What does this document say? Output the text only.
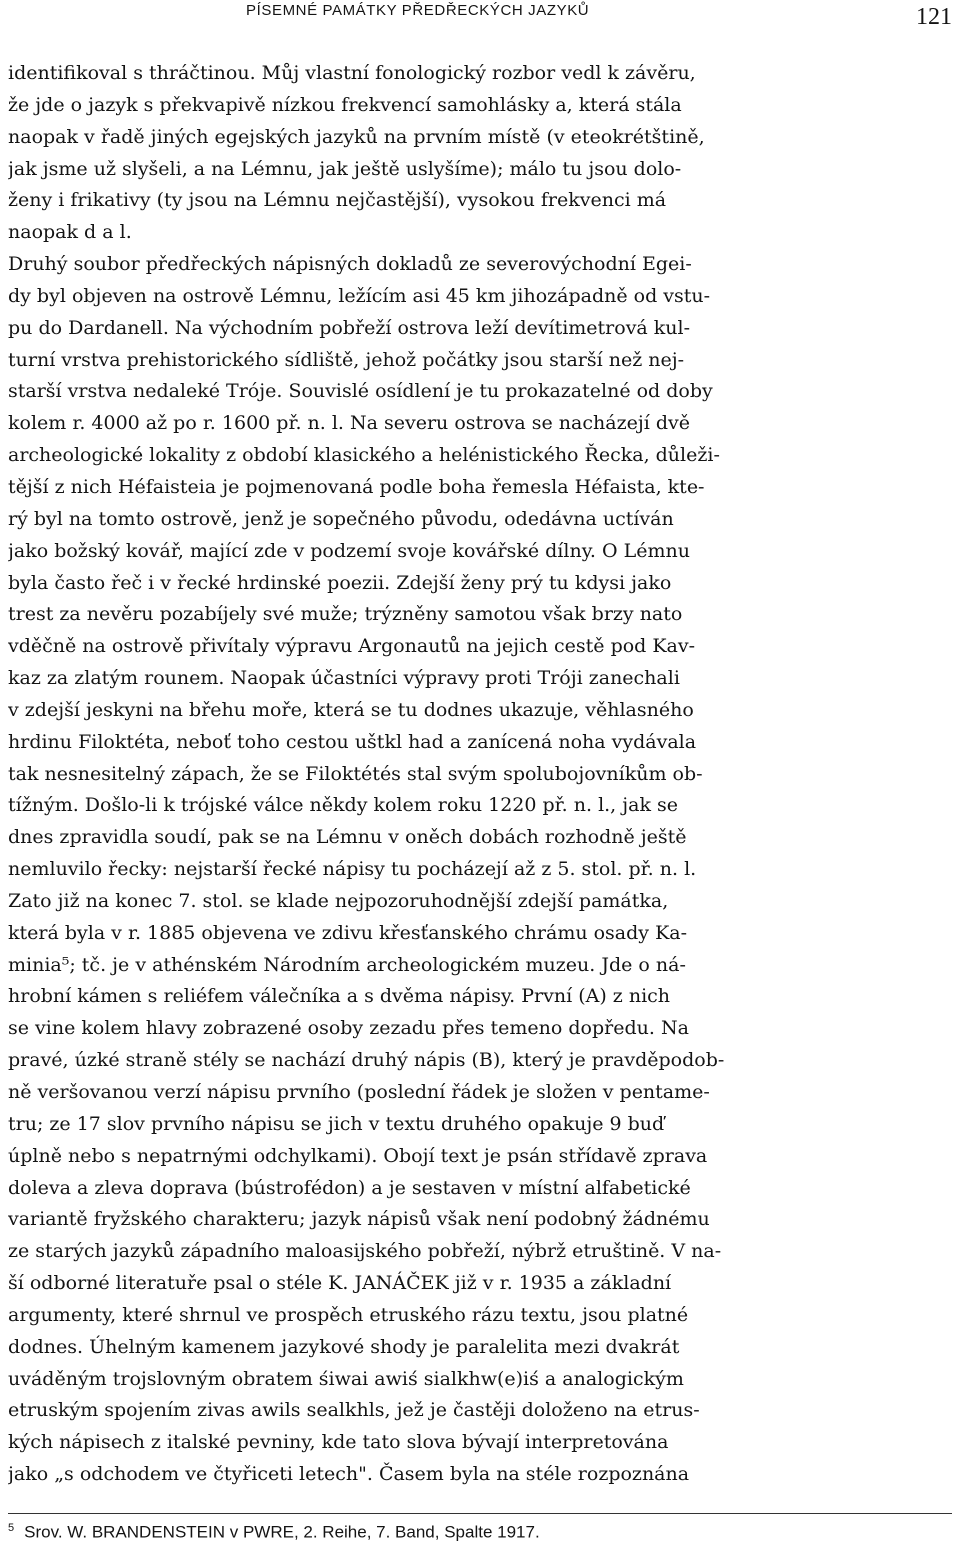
PÍSEMNÉ PAMÁTKY PŘEDŘECKÝCH JAZYKŮ	121
identifikoval s thráčtinou. Můj vlastní fonologický rozbor vedl k závěru,
že jde o jazyk s překvapivě nízkou frekvencí samohlásky a, která stála
naopak v řadě jiných egejských jazyků na prvním místě (v eteokrétštině,
jak jsme už slyšeli, a na Lémnu, jak ještě uslyšíme); málo tu jsou dolo-
ženy i frikativy (ty jsou na Lémnu nejčastější), vysokou frekvenci má
naopak d a l.
Druhý soubor předřeckých nápisných dokladů ze severovýchodní Egei-
dy byl objeven na ostrově Lémnu, ležícím asi 45 km jihozápadně od vstu-
pu do Dardanell. Na východním pobřeží ostrova leží devítimetrová kul-
turní vrstva prehistorického sídliště, jehož počátky jsou starší než nej-
starší vrstva nedaleké Tróje. Souvislé osídlení je tu prokazatelné od doby
kolem r. 4000 až po r. 1600 př. n. l. Na severu ostrova se nacházejí dvě
archeologické lokality z období klasického a helénistického Řecka, důleži-
tější z nich Héfaisteia je pojmenovaná podle boha řemesla Héfaista, kte-
rý byl na tomto ostrově, jenž je sopečného původu, odedávna uctíván
jako božský kovář, mající zde v podzemí svoje kovářské dílny. O Lémnu
byla často řeč i v řecké hrdinské poezii. Zdejší ženy prý tu kdysi jako
trest za nevěru pozabíjely své muže; trýzněny samotou však brzy nato
vděčně na ostrově přivítaly výpravu Argonautů na jejich cestě pod Kav-
kaz za zlatým rounem. Naopak účastníci výpravy proti Tróji zanechali
v zdejší jeskyni na břehu moře, která se tu dodnes ukazuje, věhlasného
hrdinu Filoktéta, neboť toho cestou uštkl had a zanícená noha vydávala
tak nesnesitelný zápach, že se Filoktétés stal svým spolubojovníkům ob-
tížným. Došlo-li k trójské válce někdy kolem roku 1220 př. n. l., jak se
dnes zpravidla soudí, pak se na Lémnu v oněch dobách rozhodně ještě
nemluvilo řecky: nejstarší řecké nápisy tu pocházejí až z 5. stol. př. n. l.
Zato již na konec 7. stol. se klade nejpozoruhodnější zdejší památka,
která byla v r. 1885 objevena ve zdivu křesťanského chrámu osady Ka-
minia⁵; tč. je v athénském Národním archeologickém muzeu. Jde o ná-
hrobní kámen s reliéfem válečníka a s dvěma nápisy. První (A) z nich
se vine kolem hlavy zobrazené osoby zezadu přes temeno dopředu. Na
pravé, úzké straně stély se nachází druhý nápis (B), který je pravděpodob-
ně veršovanou verzí nápisu prvního (poslední řádek je složen v pentame-
tru; ze 17 slov prvního nápisu se jich v textu druhého opakuje 9 buď
úplně nebo s nepatrnými odchylkami). Obojí text je psán střídavě zprava
doleva a zleva doprava (bústrofédon) a je sestaven v místní alfabetické
variantě fryžského charakteru; jazyk nápisů však není podobný žádnému
ze starých jazyků západního maloasijského pobřeží, nýbrž etruštině. V na-
ší odborné literatuře psal o stéle K. JANÁČEK již v r. 1935 a základní
argumenty, které shrnul ve prospěch etruského rázu textu, jsou platné
dodnes. Úhelným kamenem jazykové shody je paralelita mezi dvakrát
uváděným trojslovným obratem śiwai awiś sialkhw(e)iś a analogickým
etruským spojením zivas awils sealkhls, jež je častěji doloženo na etrus-
kých nápisech z italské pevniny, kde tato slova bývají interpretována
jako „s odchodem ve čtyřiceti letech". Časem byla na stéle rozpoznána
$^5$ Srov. W. BRANDENSTEIN v PWRE, 2. Reihe, 7. Band, Spalte 1917.
